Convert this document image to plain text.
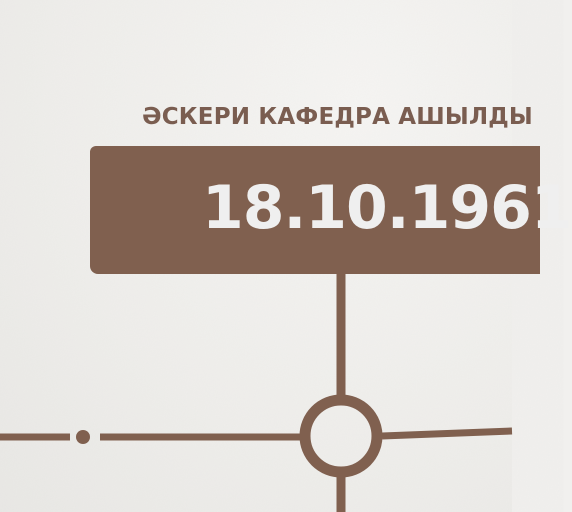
ӘСКЕРИ КАФЕДРА АШЫЛДЫ
18.10.1961
